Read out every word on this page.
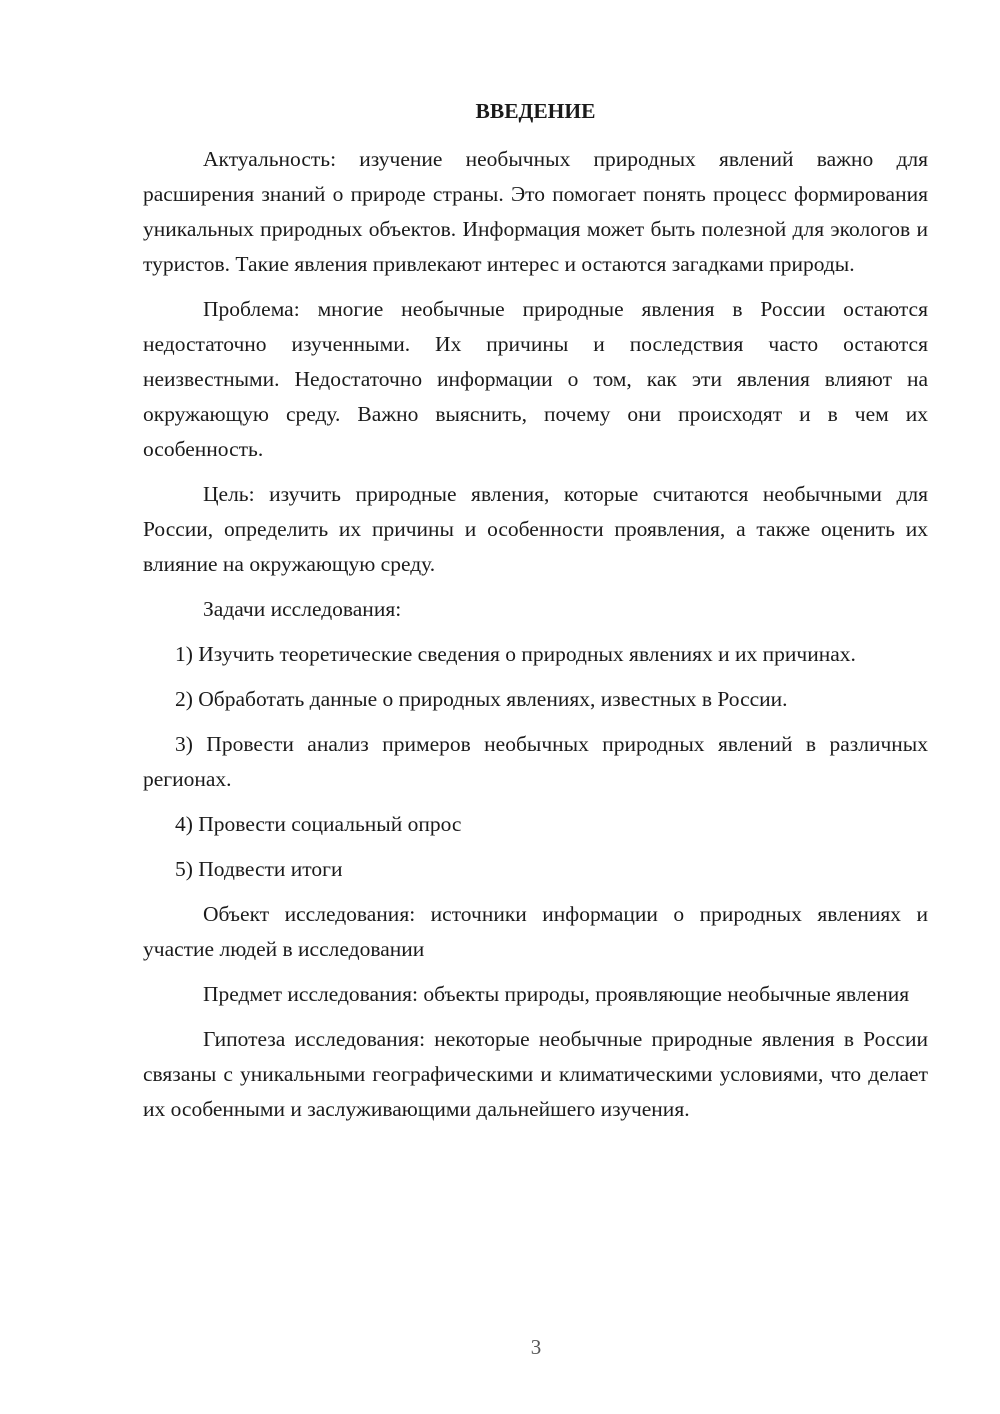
ВВЕДЕНИЕ

Актуальность: изучение необычных природных явлений важно для расширения знаний о природе страны. Это помогает понять процесс формирования уникальных природных объектов. Информация может быть полезной для экологов и туристов. Такие явления привлекают интерес и остаются загадками природы.

Проблема: многие необычные природные явления в России остаются недостаточно изученными. Их причины и последствия часто остаются неизвестными. Недостаточно информации о том, как эти явления влияют на окружающую среду. Важно выяснить, почему они происходят и в чем их особенность.

Цель: изучить природные явления, которые считаются необычными для России, определить их причины и особенности проявления, а также оценить их влияние на окружающую среду.

Задачи исследования:

1) Изучить теоретические сведения о природных явлениях и их причинах.

2) Обработать данные о природных явлениях, известных в России.

3) Провести анализ примеров необычных природных явлений в различных регионах.

4) Провести социальный опрос

5) Подвести итоги

Объект исследования: источники информации о природных явлениях и участие людей в исследовании

Предмет исследования: объекты природы, проявляющие необычные явления

Гипотеза исследования: некоторые необычные природные явления в России связаны с уникальными географическими и климатическими условиями, что делает их особенными и заслуживающими дальнейшего изучения.

3
